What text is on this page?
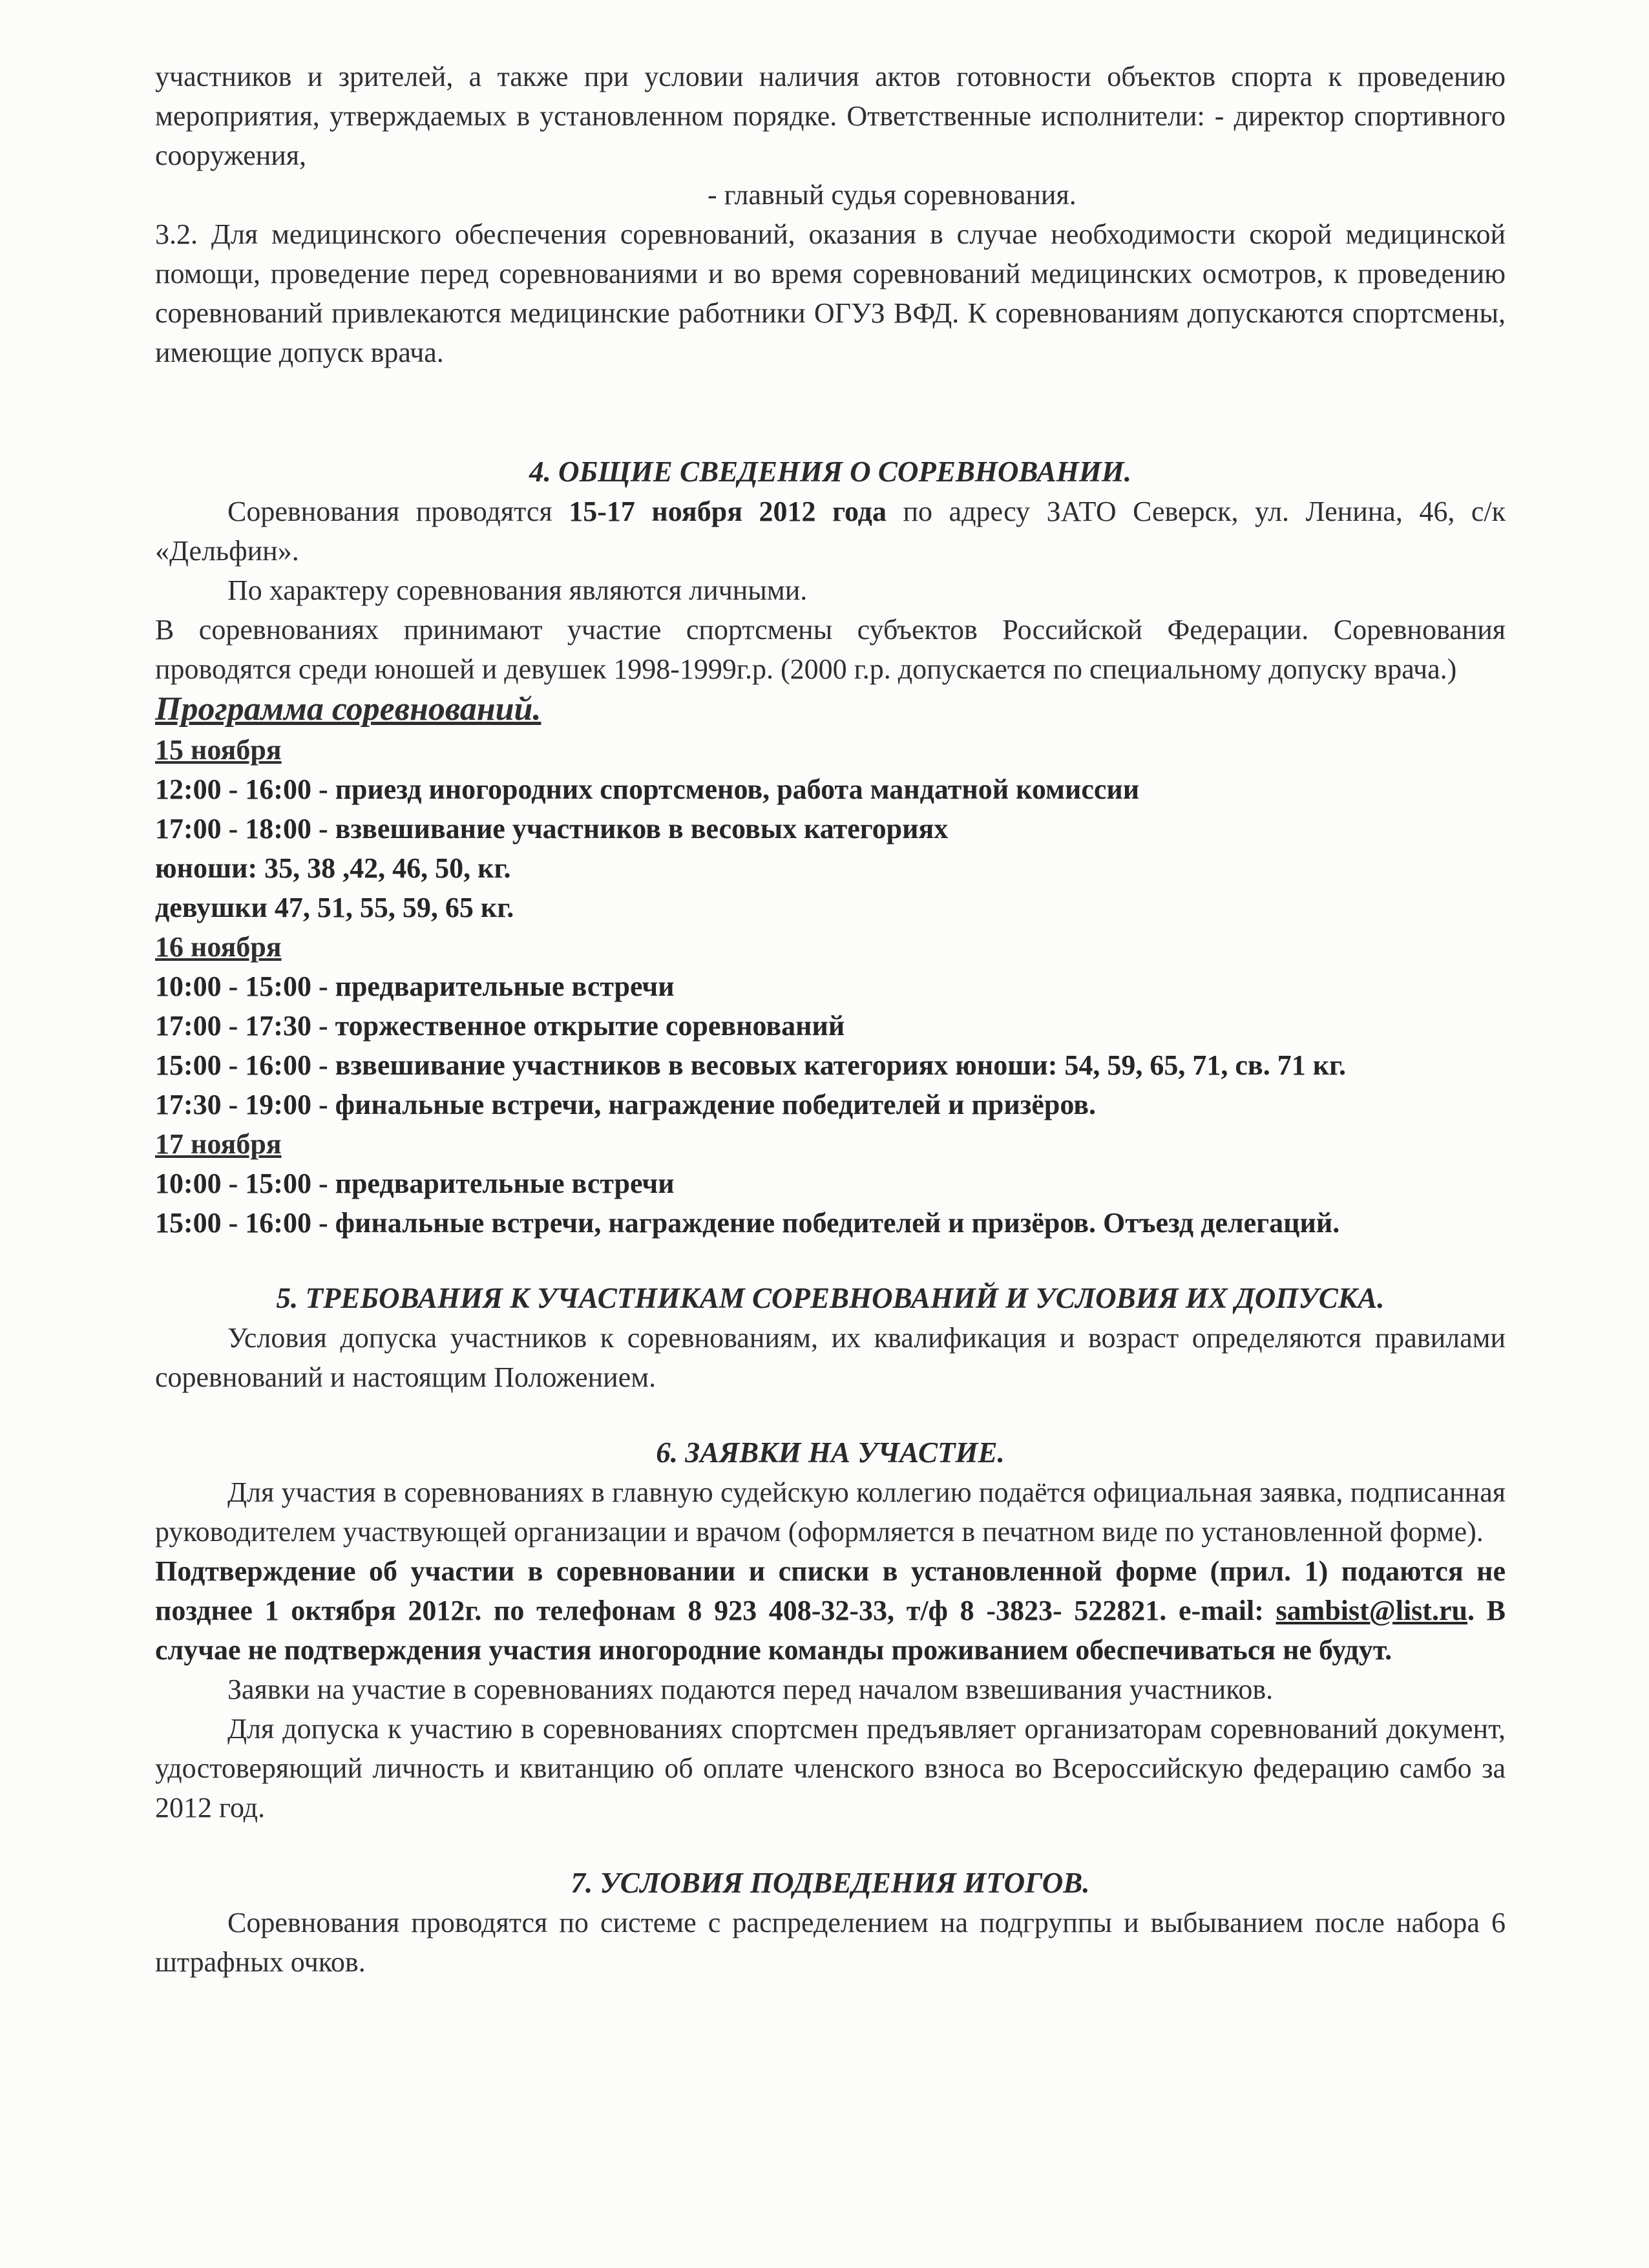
участников и зрителей, а также при условии наличия актов готовности объектов спорта к проведению мероприятия, утверждаемых в установленном порядке. Ответственные исполнители: - директор спортивного сооружения,

- главный судья соревнования.

3.2. Для медицинского обеспечения соревнований, оказания в случае необходимости скорой медицинской помощи, проведение перед соревнованиями и во время соревнований медицинских осмотров, к проведению соревнований привлекаются медицинские работники ОГУЗ ВФД. К соревнованиям допускаются спортсмены, имеющие допуск врача.

4. ОБЩИЕ СВЕДЕНИЯ О СОРЕВНОВАНИИ.

Соревнования проводятся 15-17 ноября 2012 года по адресу ЗАТО Северск, ул. Ленина, 46, с/к «Дельфин».

По характеру соревнования являются личными.

В соревнованиях принимают участие спортсмены субъектов Российской Федерации. Соревнования проводятся среди юношей и девушек 1998-1999г.р. (2000 г.р. допускается по специальному допуску врача.)

Программа соревнований.

15 ноября

12:00 - 16:00 - приезд иногородних спортсменов, работа мандатной комиссии

17:00 - 18:00 - взвешивание участников в весовых категориях

юноши: 35, 38 ,42, 46, 50, кг.

девушки 47, 51, 55, 59, 65 кг.

16 ноября

10:00 - 15:00 - предварительные встречи

17:00 - 17:30 - торжественное открытие соревнований

15:00 - 16:00 - взвешивание участников в весовых категориях юноши: 54, 59, 65, 71, св. 71 кг.

17:30 - 19:00 - финальные встречи, награждение победителей и призёров.

17 ноября

10:00 - 15:00 - предварительные встречи

15:00 - 16:00 - финальные встречи, награждение победителей и призёров. Отъезд делегаций.

5. ТРЕБОВАНИЯ К УЧАСТНИКАМ СОРЕВНОВАНИЙ И УСЛОВИЯ ИХ ДОПУСКА.

Условия допуска участников к соревнованиям, их квалификация и возраст определяются правилами соревнований и настоящим Положением.

6. ЗАЯВКИ НА УЧАСТИЕ.

Для участия в соревнованиях в главную судейскую коллегию подаётся официальная заявка, подписанная руководителем участвующей организации и врачом (оформляется в печатном виде по установленной форме).

Подтверждение об участии в соревновании и списки в установленной форме (прил. 1) подаются не позднее 1 октября 2012г. по телефонам 8 923 408-32-33, т/ф 8 -3823- 522821. e-mail: sambist@list.ru. В случае не подтверждения участия иногородние команды проживанием обеспечиваться не будут.

Заявки на участие в соревнованиях подаются перед началом взвешивания участников.

Для допуска к участию в соревнованиях спортсмен предъявляет организаторам соревнований документ, удостоверяющий личность и квитанцию об оплате членского взноса во Всероссийскую федерацию самбо за 2012 год.

7. УСЛОВИЯ ПОДВЕДЕНИЯ ИТОГОВ.

Соревнования проводятся по системе с распределением на подгруппы и выбыванием после набора 6 штрафных очков.
